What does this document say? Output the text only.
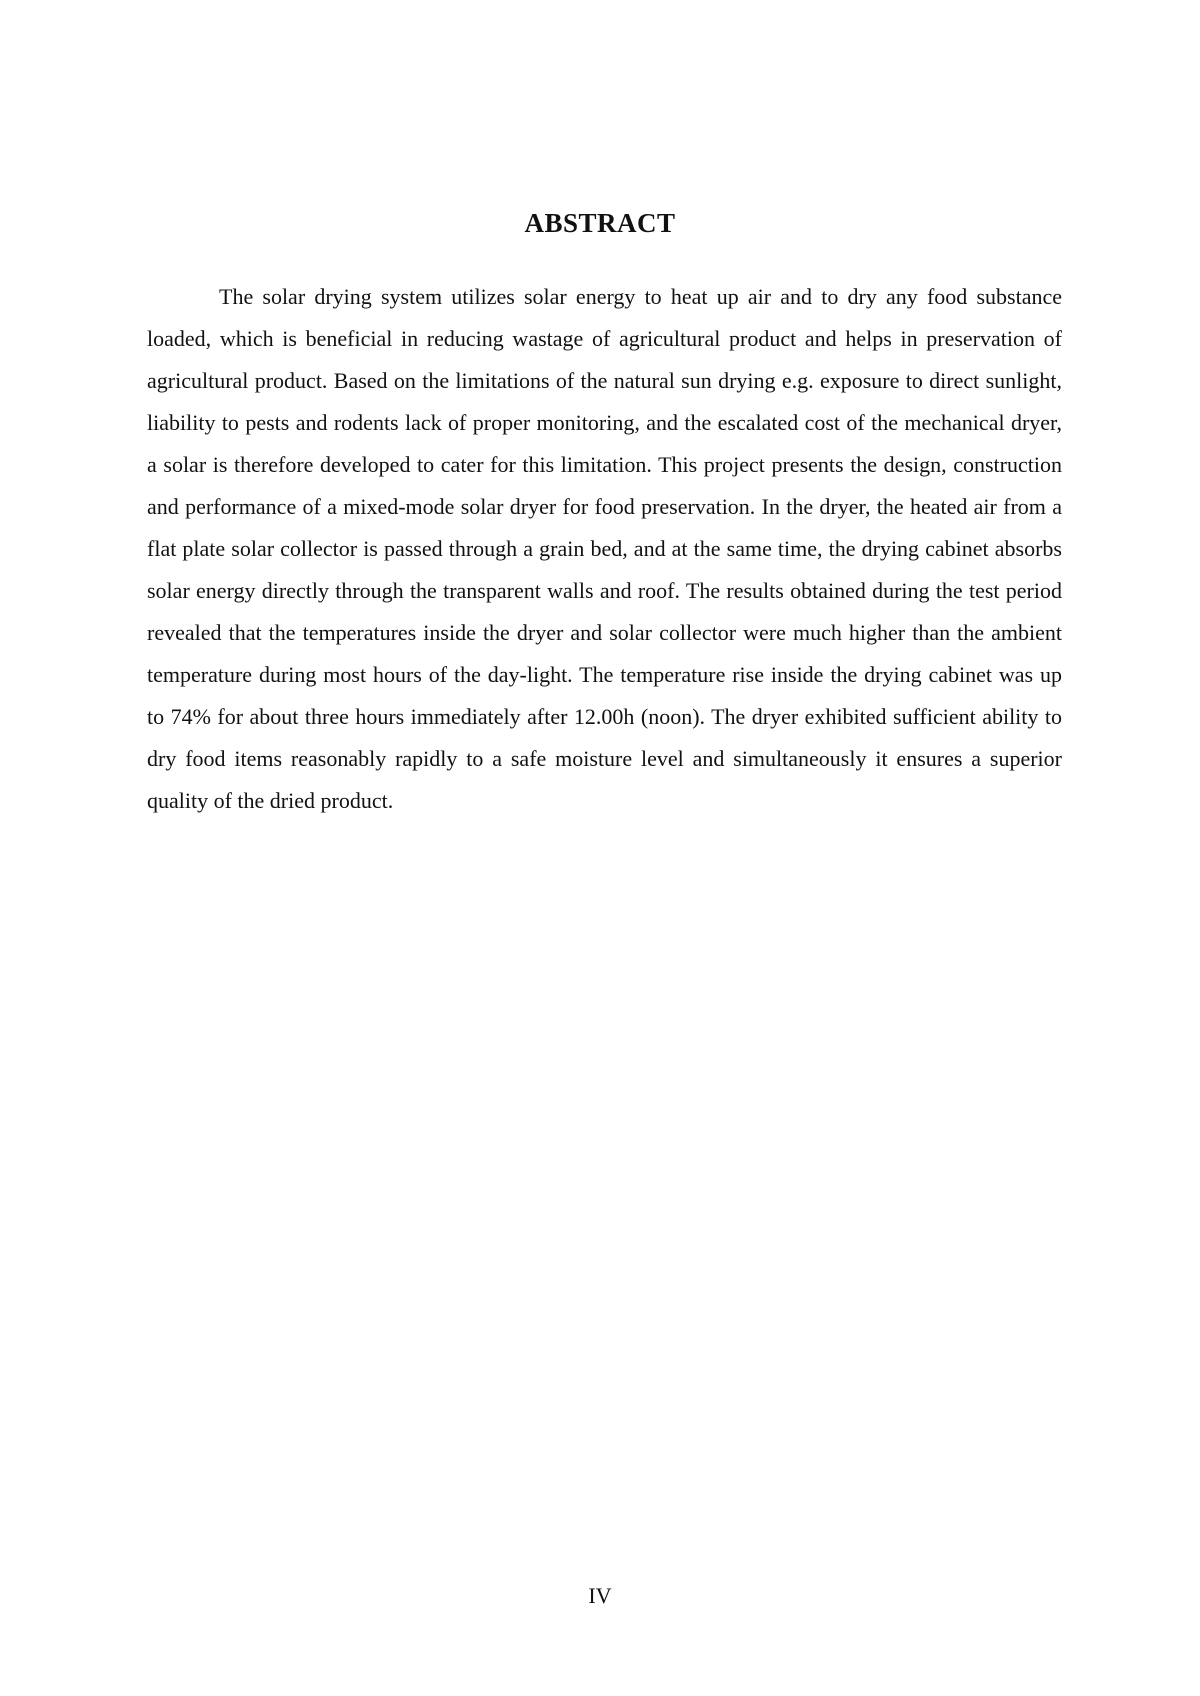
ABSTRACT

The solar drying system utilizes solar energy to heat up air and to dry any food substance loaded, which is beneficial in reducing wastage of agricultural product and helps in preservation of agricultural product. Based on the limitations of the natural sun drying e.g. exposure to direct sunlight, liability to pests and rodents lack of proper monitoring, and the escalated cost of the mechanical dryer, a solar is therefore developed to cater for this limitation. This project presents the design, construction and performance of a mixed-mode solar dryer for food preservation. In the dryer, the heated air from a flat plate solar collector is passed through a grain bed, and at the same time, the drying cabinet absorbs solar energy directly through the transparent walls and roof. The results obtained during the test period revealed that the temperatures inside the dryer and solar collector were much higher than the ambient temperature during most hours of the day-light. The temperature rise inside the drying cabinet was up to 74% for about three hours immediately after 12.00h (noon). The dryer exhibited sufficient ability to dry food items reasonably rapidly to a safe moisture level and simultaneously it ensures a superior quality of the dried product.

IV
